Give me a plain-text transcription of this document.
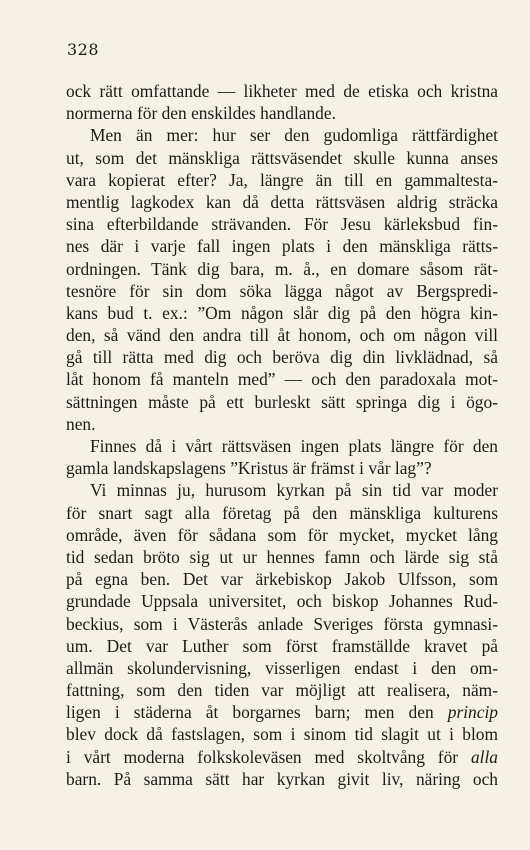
328
ock rätt omfattande — likheter med de etiska och kristna
normerna för den enskildes handlande.
Men än mer: hur ser den gudomliga rättfärdighet
ut, som det mänskliga rättsväsendet skulle kunna anses
vara kopierat efter? Ja, längre än till en gammaltesta-
mentlig lagkodex kan då detta rättsväsen aldrig sträcka
sina efterbildande strävanden. För Jesu kärleksbud fin-
nes där i varje fall ingen plats i den mänskliga rätts-
ordningen. Tänk dig bara, m. å., en domare såsom rät-
tesnöre för sin dom söka lägga något av Bergspredi-
kans bud t. ex.: ”Om någon slår dig på den högra kin-
den, så vänd den andra till åt honom, och om någon vill
gå till rätta med dig och beröva dig din livklädnad, så
låt honom få manteln med” — och den paradoxala mot-
sättningen måste på ett burleskt sätt springa dig i ögo-
nen.
Finnes då i vårt rättsväsen ingen plats längre för den
gamla landskapslagens ”Kristus är främst i vår lag”?
Vi minnas ju, hurusom kyrkan på sin tid var moder
för snart sagt alla företag på den mänskliga kulturens
område, även för sådana som för mycket, mycket lång
tid sedan bröto sig ut ur hennes famn och lärde sig stå
på egna ben. Det var ärkebiskop Jakob Ulfsson, som
grundade Uppsala universitet, och biskop Johannes Rud-
beckius, som i Västerås anlade Sveriges första gymnasi-
um. Det var Luther som först framställde kravet på
allmän skolundervisning, visserligen endast i den om-
fattning, som den tiden var möjligt att realisera, näm-
ligen i städerna åt borgarnes barn; men den princip
blev dock då fastslagen, som i sinom tid slagit ut i blom
i vårt moderna folkskoleväsen med skoltvång för alla
barn. På samma sätt har kyrkan givit liv, näring och
